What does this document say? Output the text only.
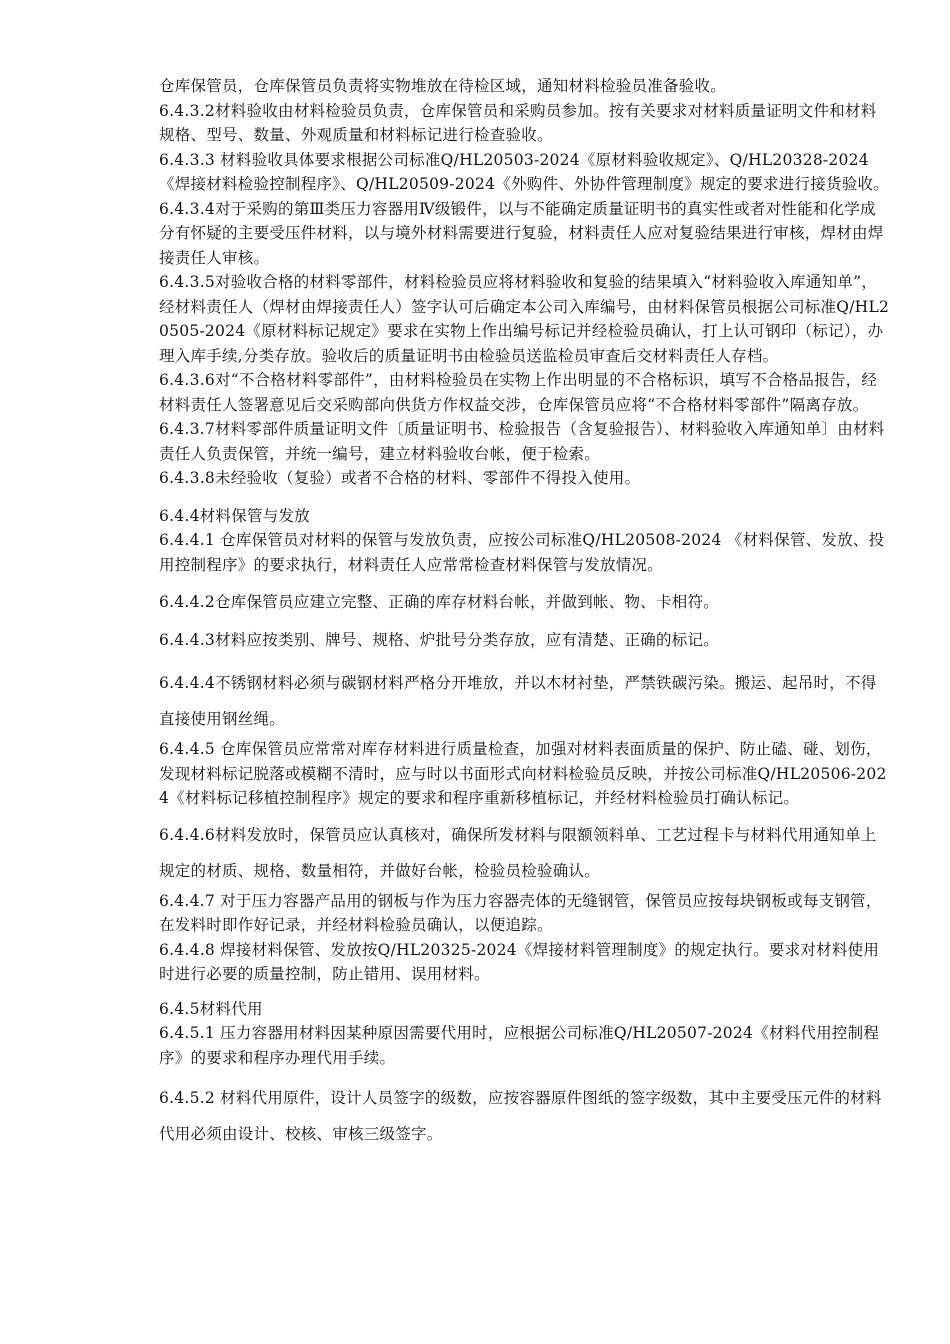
仓库保管员，仓库保管员负责将实物堆放在待检区域，通知材料检验员准备验收。

6.4.3.2材料验收由材料检验员负责，仓库保管员和采购员参加。按有关要求对材料质量证明文件和材料规格、型号、数量、外观质量和材料标记进行检查验收。

6.4.3.3 材料验收具体要求根据公司标准Q/HL20503-2024《原材料验收规定》、Q/HL20328-2024《焊接材料检验控制程序》、Q/HL20509-2024《外购件、外协件管理制度》规定的要求进行接货验收。

6.4.3.4对于采购的第Ⅲ类压力容器用Ⅳ级锻件，以与不能确定质量证明书的真实性或者对性能和化学成分有怀疑的主要受压件材料，以与境外材料需要进行复验，材料责任人应对复验结果进行审核，焊材由焊接责任人审核。

6.4.3.5对验收合格的材料零部件，材料检验员应将材料验收和复验的结果填入“材料验收入库通知单”， 经材料责任人（焊材由焊接责任人）签字认可后确定本公司入库编号，由材料保管员根据公司标准Q/HL20505-2024《原材料标记规定》要求在实物上作出编号标记并经检验员确认，打上认可钢印（标记），办理入库手续,分类存放。验收后的质量证明书由检验员送监检员审查后交材料责任人存档。

6.4.3.6对“不合格材料零部件”，由材料检验员在实物上作出明显的不合格标识，填写不合格品报告，经材料责任人签署意见后交采购部向供货方作权益交涉，仓库保管员应将“不合格材料零部件”隔离存放。

6.4.3.7材料零部件质量证明文件〔质量证明书、检验报告（含复验报告）、材料验收入库通知单〕由材料责任人负责保管，并统一编号，建立材料验收台帐，便于检索。

6.4.3.8未经验收（复验）或者不合格的材料、零部件不得投入使用。

6.4.4材料保管与发放

6.4.4.1 仓库保管员对材料的保管与发放负责，应按公司标准Q/HL20508-2024 《材料保管、发放、投用控制程序》的要求执行，材料责任人应常常检查材料保管与发放情况。

6.4.4.2仓库保管员应建立完整、正确的库存材料台帐，并做到帐、物、卡相符。

6.4.4.3材料应按类别、牌号、规格、炉批号分类存放，应有清楚、正确的标记。

6.4.4.4不锈钢材料必须与碳钢材料严格分开堆放，并以木材衬垫，严禁铁碳污染。搬运、起吊时，不得直接使用钢丝绳。

6.4.4.5 仓库保管员应常常对库存材料进行质量检查，加强对材料表面质量的保护、防止磕、碰、划伤，发现材料标记脱落或模糊不清时，应与时以书面形式向材料检验员反映，并按公司标准Q/HL20506-2024《材料标记移植控制程序》规定的要求和程序重新移植标记，并经材料检验员打确认标记。

6.4.4.6材料发放时，保管员应认真核对，确保所发材料与限额领料单、工艺过程卡与材料代用通知单上规定的材质、规格、数量相符，并做好台帐，检验员检验确认。

6.4.4.7 对于压力容器产品用的钢板与作为压力容器壳体的无缝钢管，保管员应按每块钢板或每支钢管，在发料时即作好记录，并经材料检验员确认，以便追踪。

6.4.4.8 焊接材料保管、发放按Q/HL20325-2024《焊接材料管理制度》的规定执行。要求对材料使用时进行必要的质量控制，防止错用、误用材料。

6.4.5材料代用

6.4.5.1 压力容器用材料因某种原因需要代用时，应根据公司标准Q/HL20507-2024《材料代用控制程序》的要求和程序办理代用手续。

6.4.5.2 材料代用原件，设计人员签字的级数，应按容器原件图纸的签字级数，其中主要受压元件的材料代用必须由设计、校核、审核三级签字。
